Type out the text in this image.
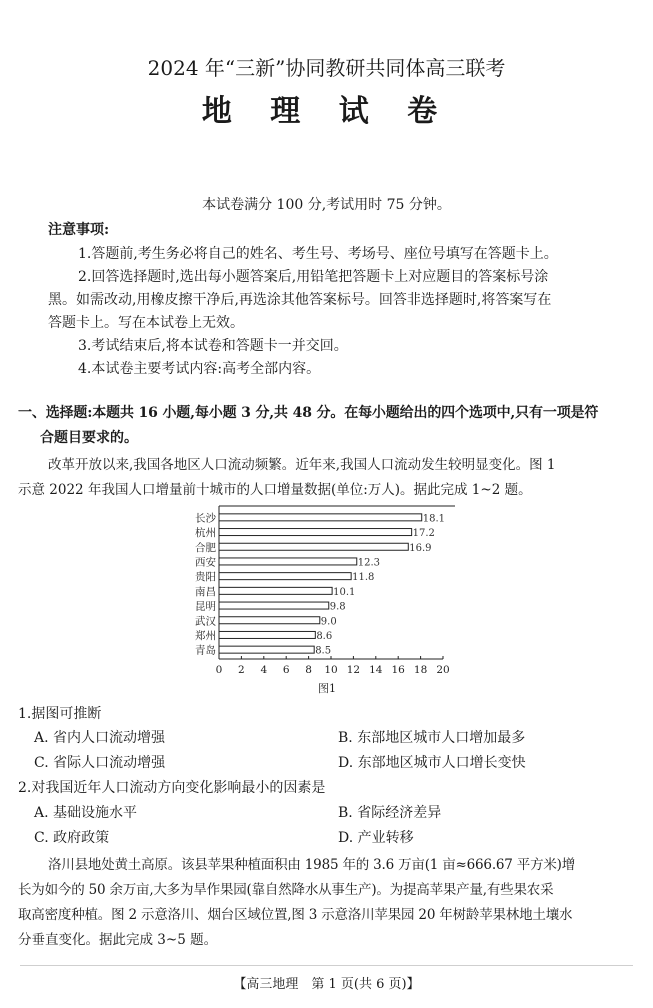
2024 年“三新”协同教研共同体高三联考
地 理 试 卷
本试卷满分 100 分,考试用时 75 分钟。
注意事项:
1.答题前,考生务必将自己的姓名、考生号、考场号、座位号填写在答题卡上。
2.回答选择题时,选出每小题答案后,用铅笔把答题卡上对应题目的答案标号涂
黑。如需改动,用橡皮擦干净后,再选涂其他答案标号。回答非选择题时,将答案写在
答题卡上。写在本试卷上无效。
3.考试结束后,将本试卷和答题卡一并交回。
4.本试卷主要考试内容:高考全部内容。
一、选择题:本题共 16 小题,每小题 3 分,共 48 分。在每小题给出的四个选项中,只有一项是符
合题目要求的。
改革开放以来,我国各地区人口流动频繁。近年来,我国人口流动发生较明显变化。图 1
示意 2022 年我国人口增量前十城市的人口增量数据(单位:万人)。据此完成 1~2 题。
长沙	18.1
杭州	17.2
合肥	16.9
西安	12.3
贵阳	11.8
南昌	10.1
昆明	9.8
武汉	9.0
郑州	8.6
青岛	8.5
0 2 4 6 8 10 12 14 16 18 20
图1
1.据图可推断
A. 省内人口流动增强	B. 东部地区城市人口增加最多
C. 省际人口流动增强	D. 东部地区城市人口增长变快
2.对我国近年人口流动方向变化影响最小的因素是
A. 基础设施水平	B. 省际经济差异
C. 政府政策	D. 产业转移
洛川县地处黄土高原。该县苹果种植面积由 1985 年的 3.6 万亩(1 亩≈666.67 平方米)增
长为如今的 50 余万亩,大多为旱作果园(靠自然降水从事生产)。为提高苹果产量,有些果农采
取高密度种植。图 2 示意洛川、烟台区域位置,图 3 示意洛川苹果园 20 年树龄苹果林地土壤水
分垂直变化。据此完成 3~5 题。
【高三地理　第 1 页(共 6 页)】
